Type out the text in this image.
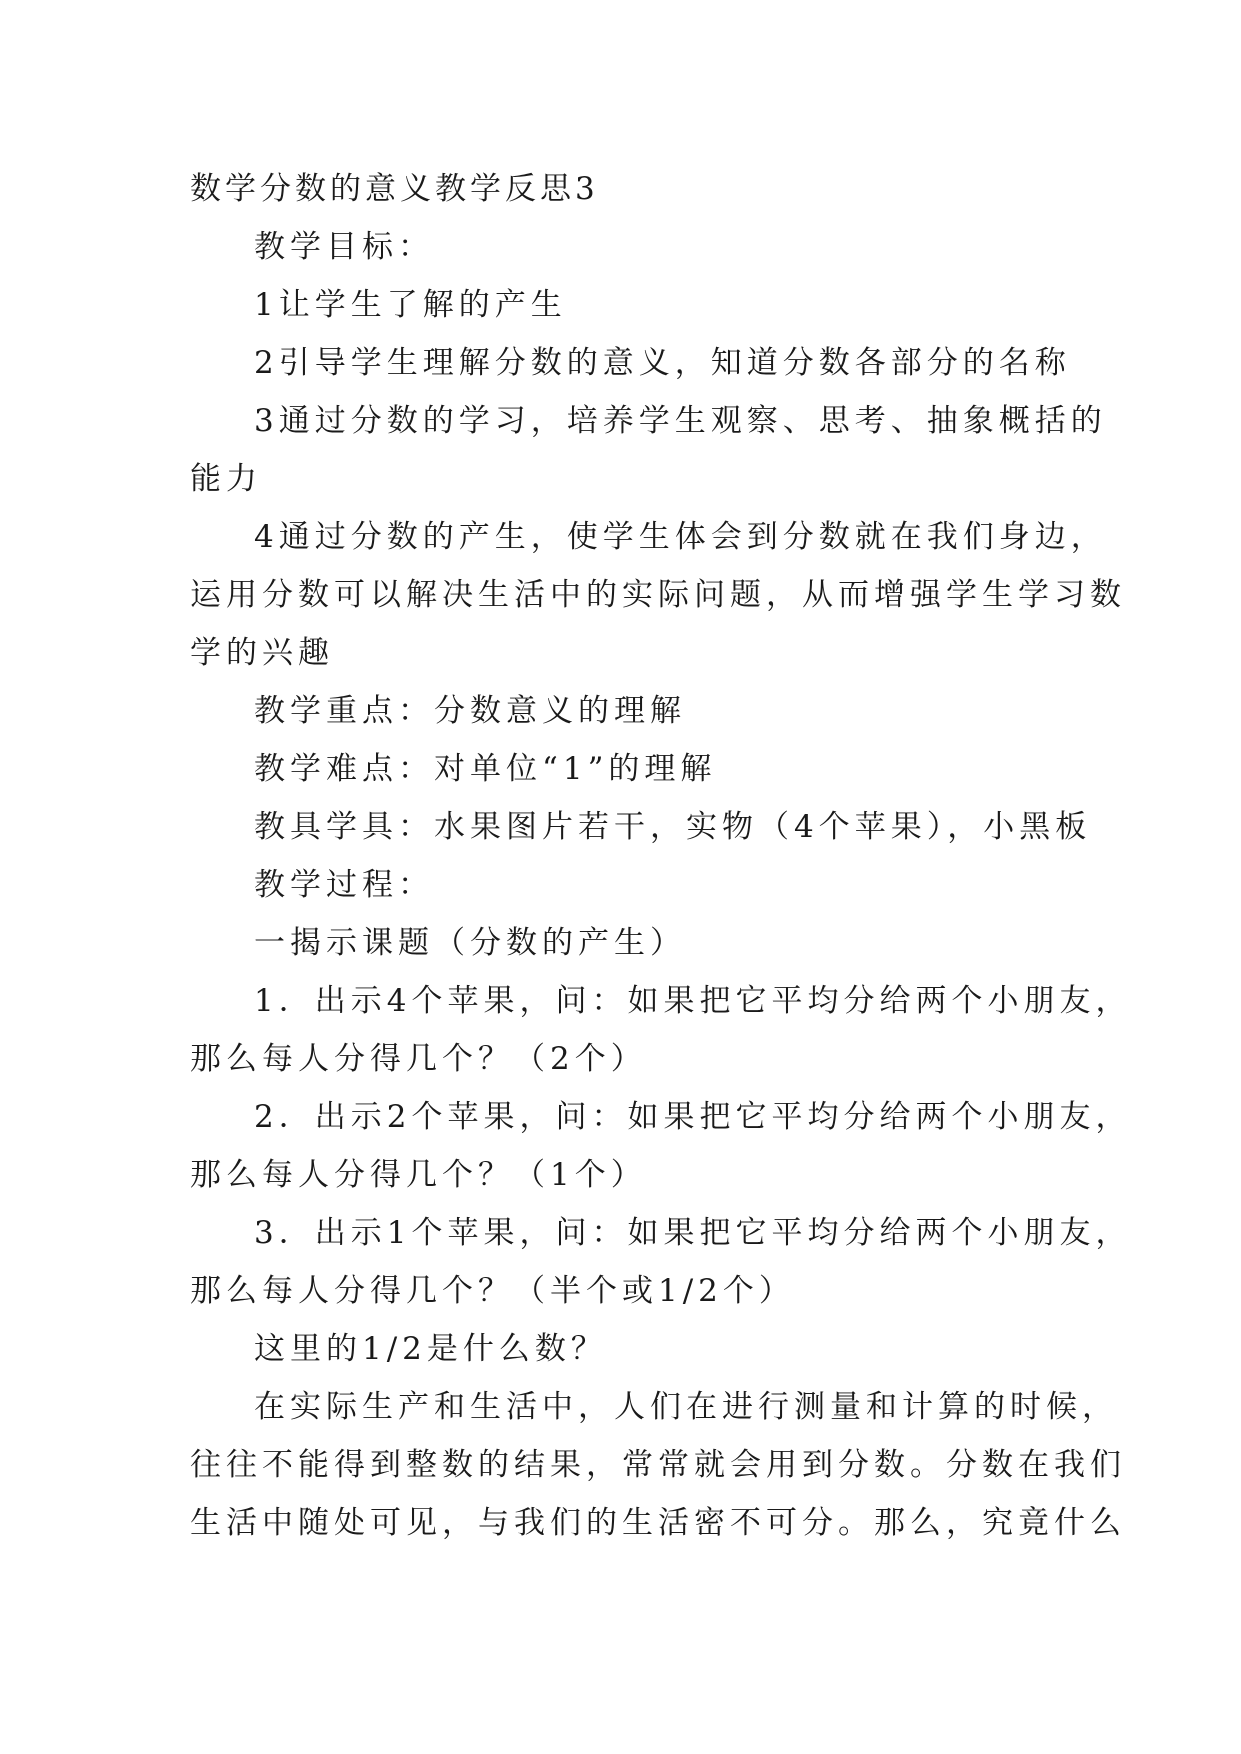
数学分数的意义教学反思3

教学目标：

1让学生了解的产生

2引导学生理解分数的意义，知道分数各部分的名称

3通过分数的学习，培养学生观察、思考、抽象概括的

能力

4通过分数的产生，使学生体会到分数就在我们身边，

运用分数可以解决生活中的实际问题，从而增强学生学习数

学的兴趣

教学重点：分数意义的理解

教学难点：对单位“1”的理解

教具学具：水果图片若干，实物（4个苹果），小黑板

教学过程：

一揭示课题（分数的产生）

1．出示4个苹果，问：如果把它平均分给两个小朋友，

那么每人分得几个？（2个）

2．出示2个苹果，问：如果把它平均分给两个小朋友，

那么每人分得几个？（1个）

3．出示1个苹果，问：如果把它平均分给两个小朋友，

那么每人分得几个？（半个或1/2个）

这里的1/2是什么数？

在实际生产和生活中，人们在进行测量和计算的时候，

往往不能得到整数的结果，常常就会用到分数。分数在我们

生活中随处可见，与我们的生活密不可分。那么，究竟什么
